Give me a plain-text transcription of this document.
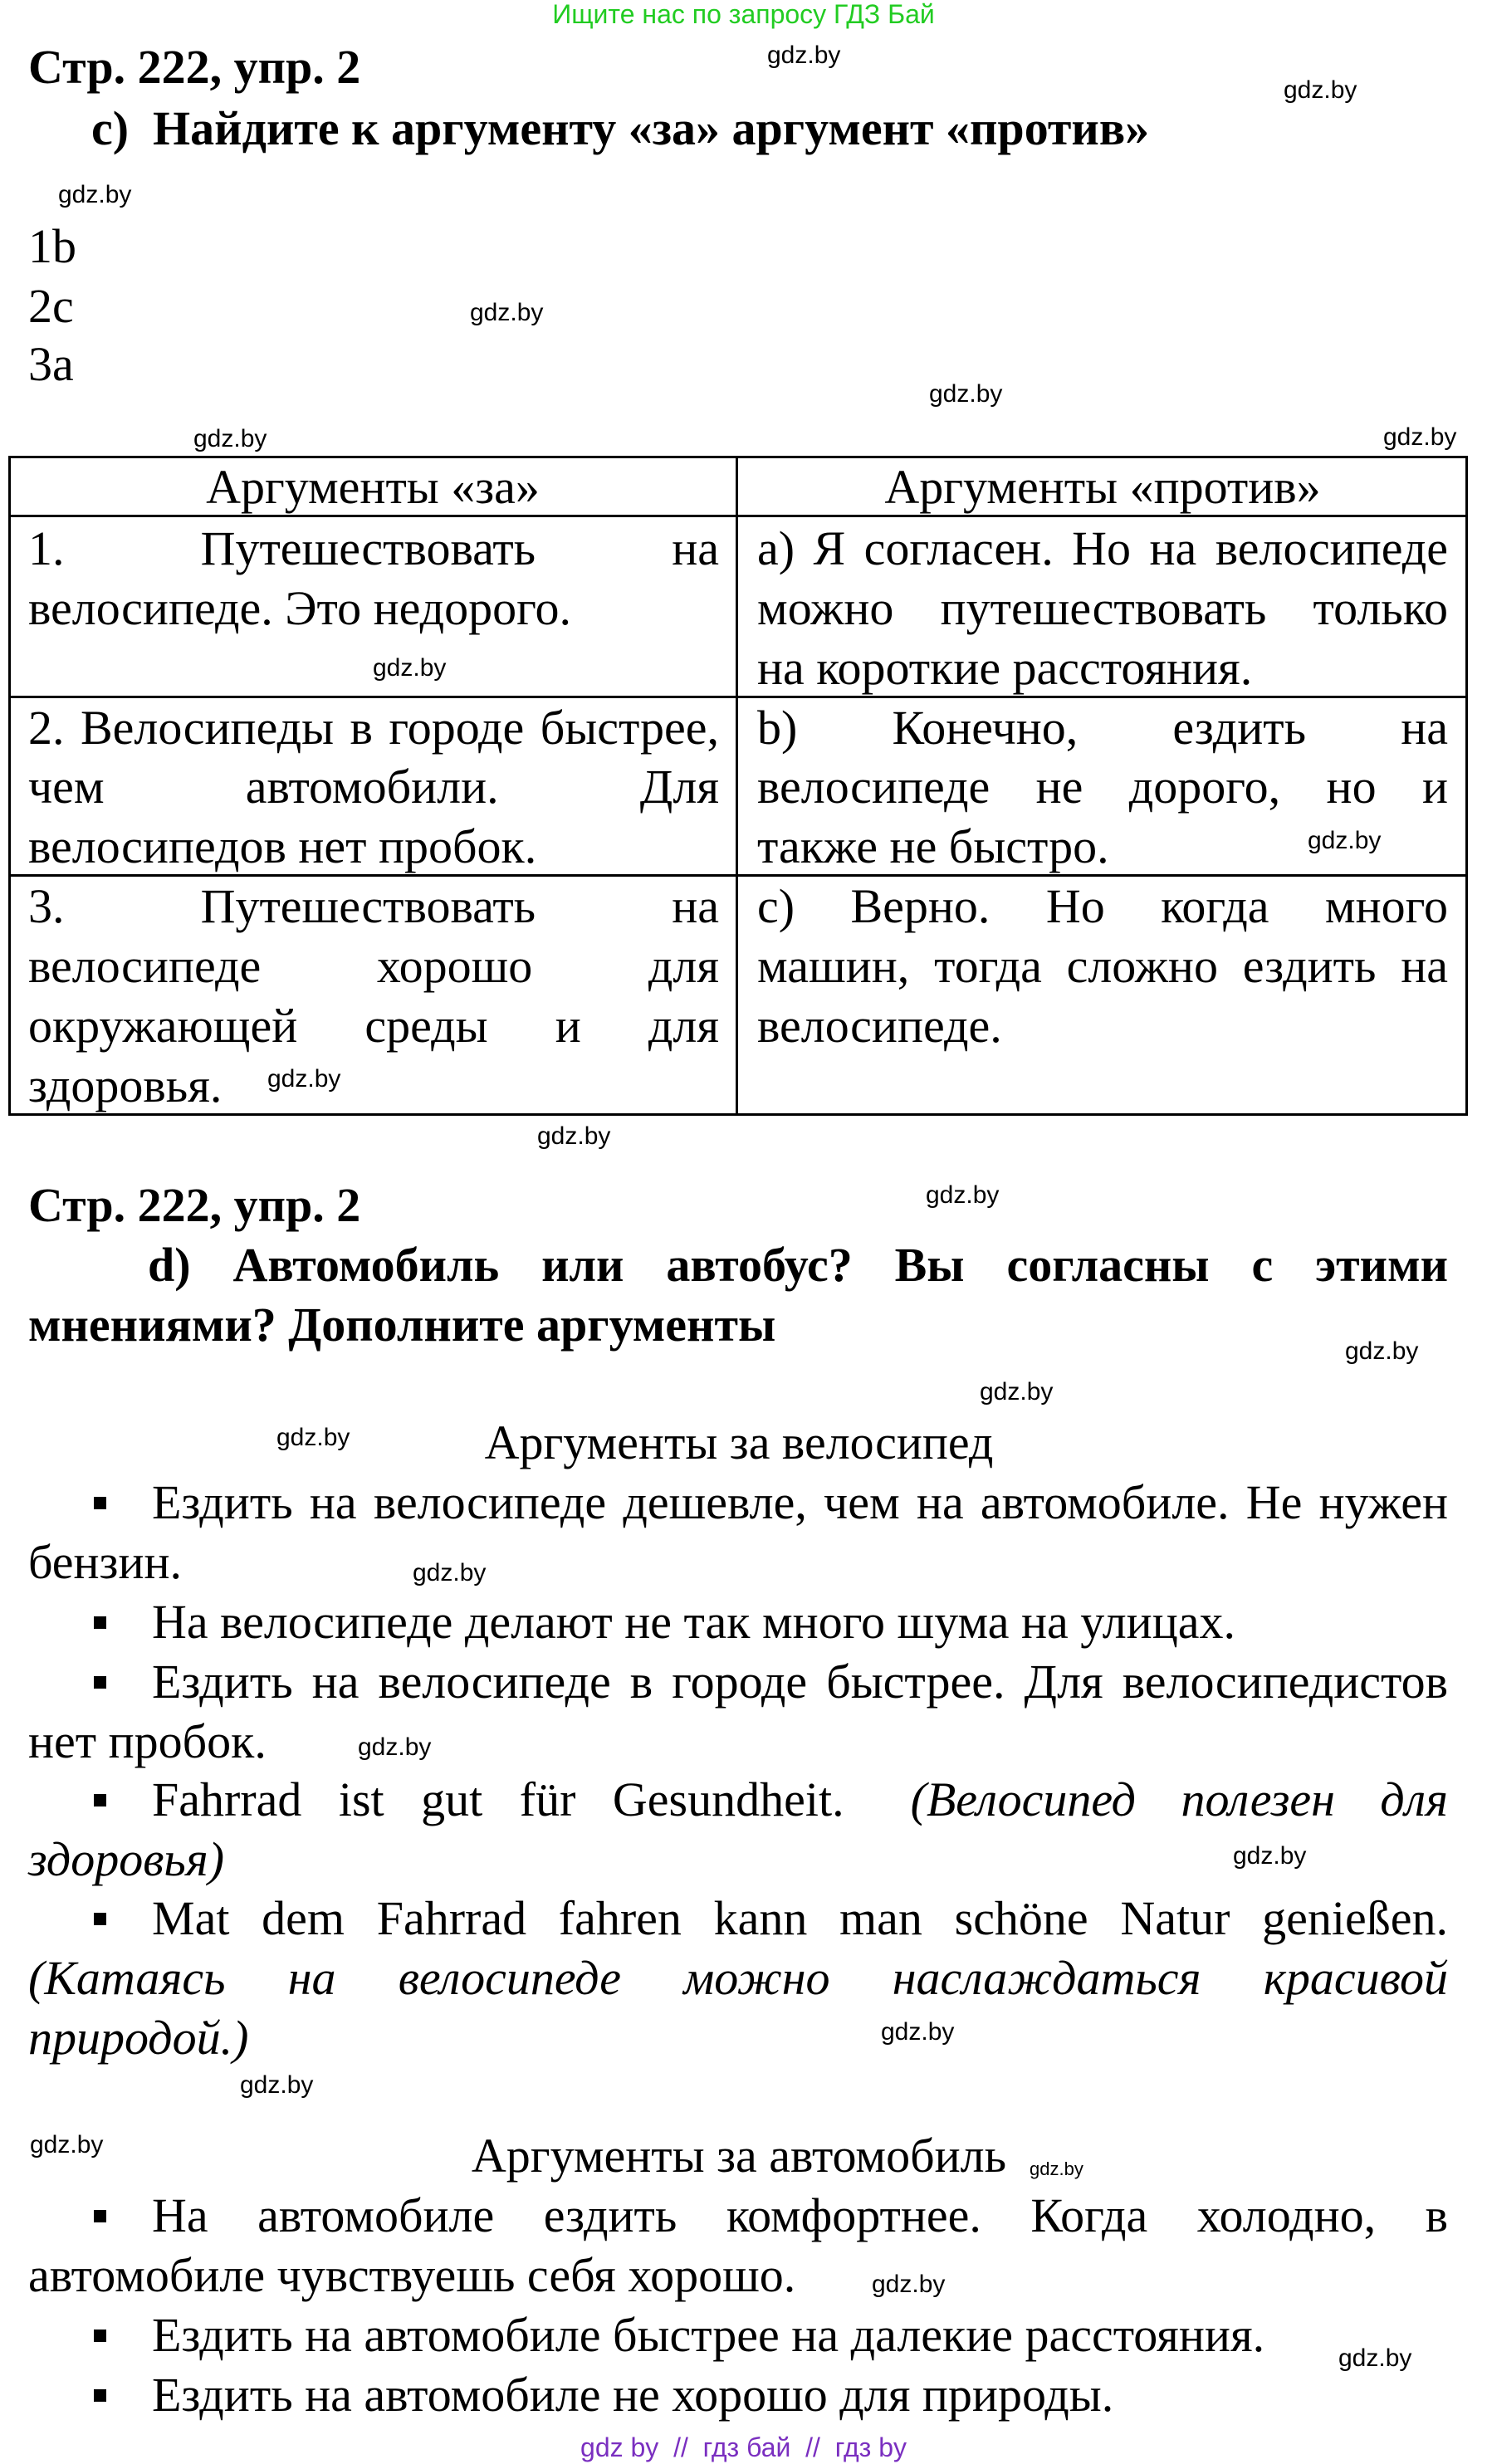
Ищите нас по запросу ГДЗ Бай
gdz.by
gdz.by
gdz.by
gdz.by
gdz.by
gdz.by	gdz.by
gdz.by
gdz.by
gdz.by
gdz.by
gdz.by
gdz.by
gdz.by
gdz.by
gdz.by
gdz.by
gdz.by
gdz.by
gdz.by
gdz.by
gdz.by
gdz.by
gdz.by
Стр. 222, упр. 2
c)  Найдите к аргументу «за» аргумент «против»
1b
2c
3a
Аргументы «за»	Аргументы «против»
1. Путешествовать на
велосипеде. Это недорого.
а) Я согласен. Но на велосипеде
можно путешествовать только
на короткие расстояния.
2. Велосипеды в городе быстрее,
чем автомобили. Для
велосипедов нет пробок.
b) Конечно, ездить на
велосипеде не дорого, но и
также не быстро.
3. Путешествовать на
велосипеде хорошо для
окружающей среды и для
здоровья.
c) Верно. Но когда много
машин, тогда сложно ездить на
велосипеде.
Стр. 222, упр. 2
d) Автомобиль или автобус? Вы согласны с этими
мнениями? Дополните аргументы
Аргументы за велосипед
Ездить на велосипеде дешевле, чем на автомобиле. Не нужен
бензин.
На велосипеде делают не так много шума на улицах.
Ездить на велосипеде в городе быстрее. Для велосипедистов
нет пробок.
Fahrrad ist gut für Gesundheit. (Велосипед полезен для
здоровья)
Mat dem Fahrrad fahren kann man schöne Natur genießen.
(Катаясь на велосипеде можно наслаждаться красивой
природой.)
Аргументы за автомобиль
На автомобиле ездить комфортнее. Когда холодно, в
автомобиле чувствуешь себя хорошо.
Ездить на автомобиле быстрее на далекие расстояния.
Ездить на автомобиле не хорошо для природы.
gdz by  //  гдз бай  //  гдз by
